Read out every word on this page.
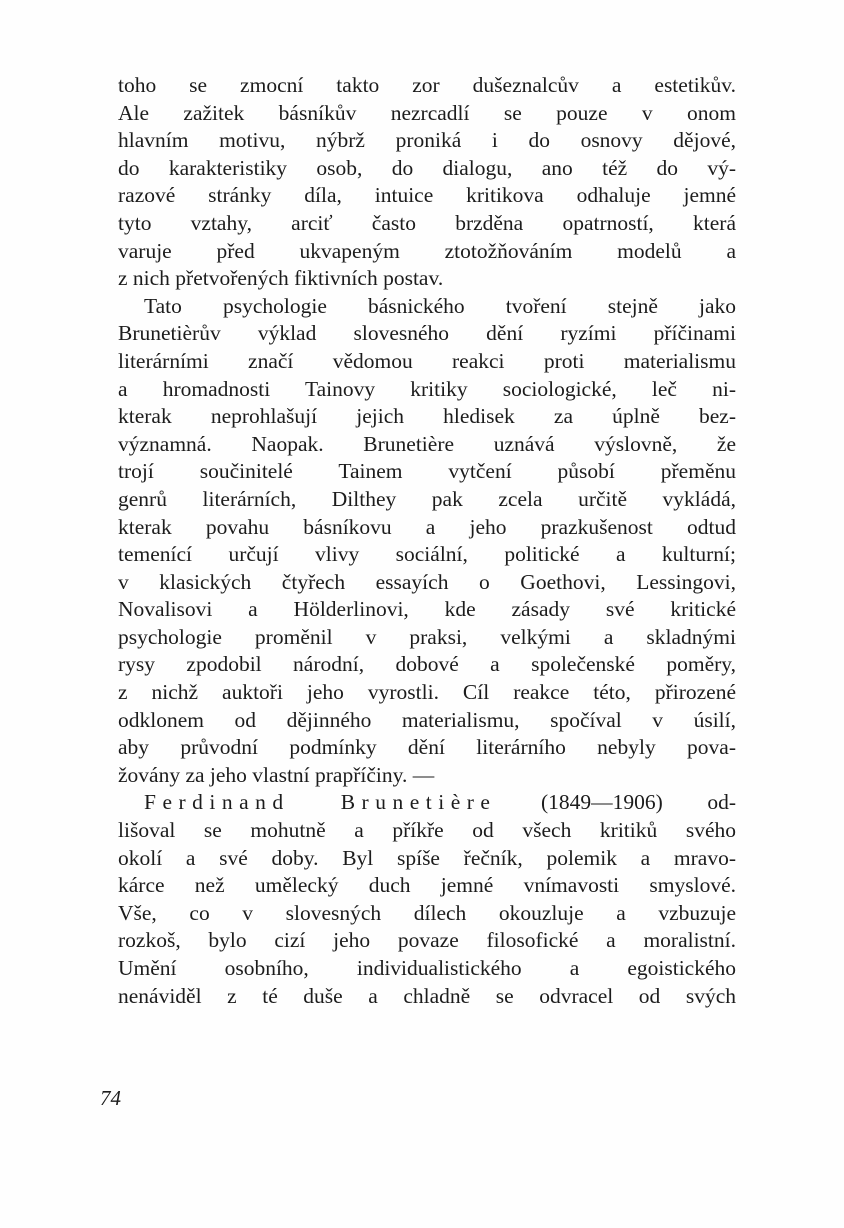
toho se zmocní takto zor dušeznalcův a estetikův.
Ale zažitek básníkův nezrcadlí se pouze v onom
hlavním motivu, nýbrž proniká i do osnovy dějové,
do karakteristiky osob, do dialogu, ano též do vý-
razové stránky díla, intuice kritikova odhaluje jemné
tyto vztahy, arciť často brzděna opatrností, která
varuje před ukvapeným ztotožňováním modelů a
z nich přetvořených fiktivních postav.
Tato psychologie básnického tvoření stejně jako
Brunetièrův výklad slovesného dění ryzími příčinami
literárními značí vědomou reakci proti materialismu
a hromadnosti Tainovy kritiky sociologické, leč ni-
kterak neprohlašují jejich hledisek za úplně bez-
významná. Naopak. Brunetière uznává výslovně, že
trojí součinitelé Tainem vytčení působí přeměnu
genrů literárních, Dilthey pak zcela určitě vykládá,
kterak povahu básníkovu a jeho prazkušenost odtud
temenící určují vlivy sociální, politické a kulturní;
v klasických čtyřech essayích o Goethovi, Lessingovi,
Novalisovi a Hölderlinovi, kde zásady své kritické
psychologie proměnil v praksi, velkými a skladnými
rysy zpodobil národní, dobové a společenské poměry,
z nichž auktoři jeho vyrostli. Cíl reakce této, přirozené
odklonem od dějinného materialismu, spočíval v úsilí,
aby průvodní podmínky dění literárního nebyly pova-
žovány za jeho vlastní prapříčiny. —
Ferdinand Brunetière (1849—1906) od-
lišoval se mohutně a příkře od všech kritiků svého
okolí a své doby. Byl spíše řečník, polemik a mravo-
kárce než umělecký duch jemné vnímavosti smyslové.
Vše, co v slovesných dílech okouzluje a vzbuzuje
rozkoš, bylo cizí jeho povaze filosofické a moralistní.
Umění osobního, individualistického a egoistického
nenáviděl z té duše a chladně se odvracel od svých
74
